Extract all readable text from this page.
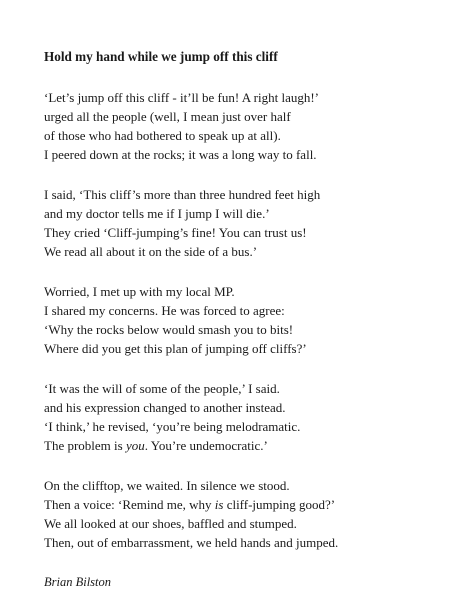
Hold my hand while we jump off this cliff
‘Let’s jump off this cliff - it’ll be fun! A right laugh!’
urged all the people (well, I mean just over half
of those who had bothered to speak up at all).
I peered down at the rocks; it was a long way to fall.
I said, ‘This cliff’s more than three hundred feet high
and my doctor tells me if I jump I will die.’
They cried ‘Cliff-jumping’s fine! You can trust us!
We read all about it on the side of a bus.’
Worried, I met up with my local MP.
I shared my concerns. He was forced to agree:
‘Why the rocks below would smash you to bits!
Where did you get this plan of jumping off cliffs?’
‘It was the will of some of the people,’ I said.
and his expression changed to another instead.
‘I think,’ he revised, ‘you’re being melodramatic.
The problem is you. You’re undemocratic.’
On the clifftop, we waited. In silence we stood.
Then a voice: ‘Remind me, why is cliff-jumping good?’
We all looked at our shoes, baffled and stumped.
Then, out of embarrassment, we held hands and jumped.
Brian Bilston
